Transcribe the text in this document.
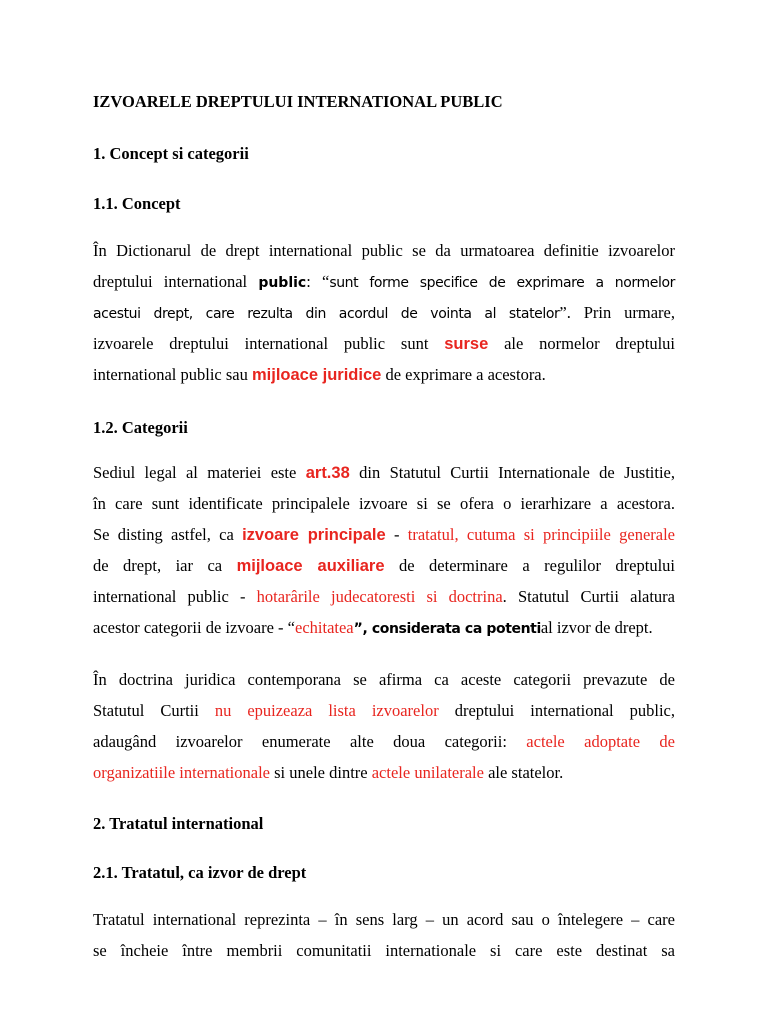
IZVOARELE DREPTULUI INTERNATIONAL PUBLIC
1. Concept si categorii
1.1. Concept
În Dictionarul de drept international public se da urmatoarea definitie izvoarelor
dreptului international public: “sunt forme specifice de exprimare a normelor
acestui drept, care rezulta din acordul de vointa al statelor”. Prin urmare,
izvoarele dreptului international public sunt surse ale normelor dreptului
international public sau mijloace juridice de exprimare a acestora.
1.2. Categorii
Sediul legal al materiei este art.38 din Statutul Curtii Internationale de Justitie,
în care sunt identificate principalele izvoare si se ofera o ierarhizare a acestora.
Se disting astfel, ca izvoare principale - tratatul, cutuma si principiile generale
de drept, iar ca mijloace auxiliare de determinare a regulilor dreptului
international public - hotarârile judecatoresti si doctrina. Statutul Curtii alatura
acestor categorii de izvoare - “echitatea”, considerata ca potential izvor de drept.
În doctrina juridica contemporana se afirma ca aceste categorii prevazute de
Statutul Curtii nu epuizeaza lista izvoarelor dreptului international public,
adaugând izvoarelor enumerate alte doua categorii: actele adoptate de
organizatiile internationale si unele dintre actele unilaterale ale statelor.
2. Tratatul international
2.1. Tratatul, ca izvor de drept
Tratatul international reprezinta – în sens larg – un acord sau o întelegere – care
se încheie între membrii comunitatii internationale si care este destinat sa
